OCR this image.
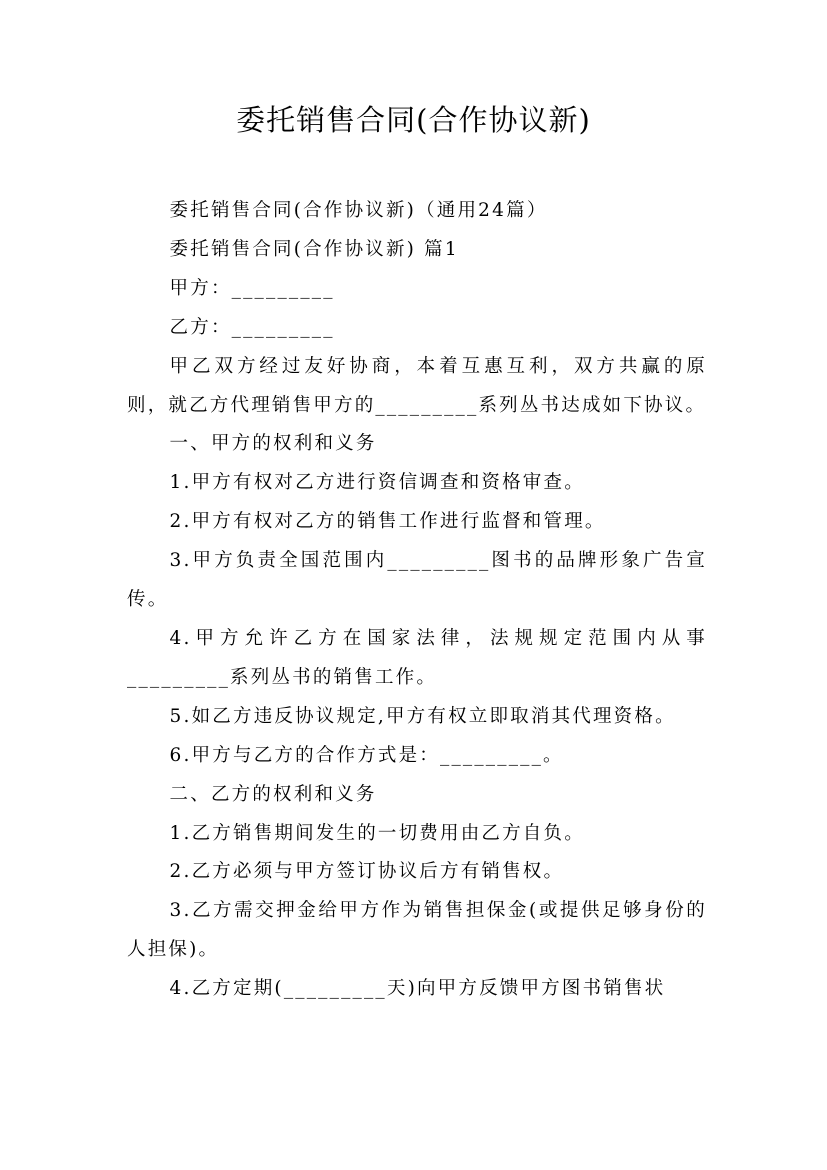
委托销售合同(合作协议新)

委托销售合同(合作协议新)（通用24篇）

委托销售合同(合作协议新) 篇1

甲方：_________

乙方：_________

甲乙双方经过友好协商，本着互惠互利，双方共赢的原则，就乙方代理销售甲方的_________系列丛书达成如下协议。

一、甲方的权利和义务

1.甲方有权对乙方进行资信调查和资格审查。

2.甲方有权对乙方的销售工作进行监督和管理。

3.甲方负责全国范围内_________图书的品牌形象广告宣传。

4.甲方允许乙方在国家法律，法规规定范围内从事_________系列丛书的销售工作。

5.如乙方违反协议规定,甲方有权立即取消其代理资格。

6.甲方与乙方的合作方式是：_________。

二、乙方的权利和义务

1.乙方销售期间发生的一切费用由乙方自负。

2.乙方必须与甲方签订协议后方有销售权。

3.乙方需交押金给甲方作为销售担保金(或提供足够身份的人担保)。

4.乙方定期(_________天)向甲方反馈甲方图书销售状
